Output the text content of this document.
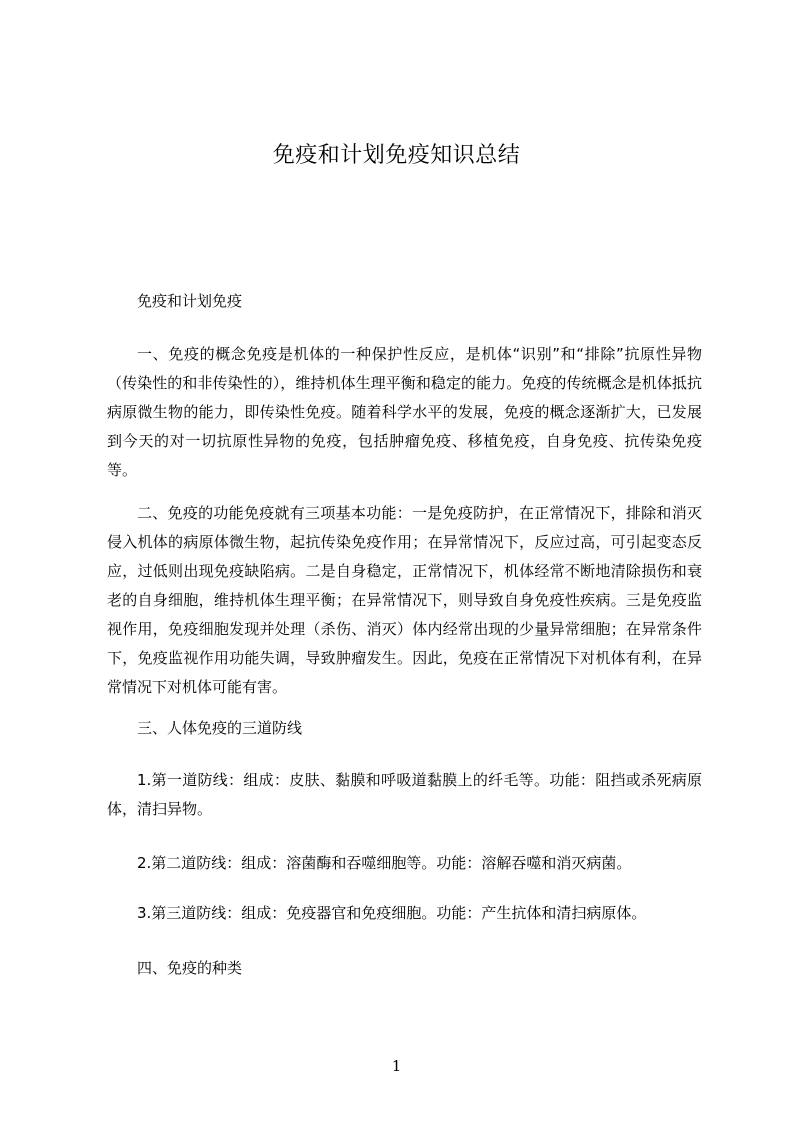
免疫和计划免疫知识总结

免疫和计划免疫

一、免疫的概念免疫是机体的一种保护性反应，是机体“识别”和“排除”抗原性异物（传染性的和非传染性的），维持机体生理平衡和稳定的能力。免疫的传统概念是机体抵抗病原微生物的能力，即传染性免疫。随着科学水平的发展，免疫的概念逐渐扩大，已发展到今天的对一切抗原性异物的免疫，包括肿瘤免疫、移植免疫，自身免疫、抗传染免疫等。

二、免疫的功能免疫就有三项基本功能：一是免疫防护，在正常情况下，排除和消灭侵入机体的病原体微生物，起抗传染免疫作用；在异常情况下，反应过高，可引起变态反应，过低则出现免疫缺陷病。二是自身稳定，正常情况下，机体经常不断地清除损伤和衰老的自身细胞，维持机体生理平衡；在异常情况下，则导致自身免疫性疾病。三是免疫监视作用，免疫细胞发现并处理（杀伤、消灭）体内经常出现的少量异常细胞；在异常条件下，免疫监视作用功能失调，导致肿瘤发生。因此，免疫在正常情况下对机体有利，在异常情况下对机体可能有害。

三、人体免疫的三道防线

1.第一道防线：组成：皮肤、黏膜和呼吸道黏膜上的纤毛等。功能：阻挡或杀死病原体，清扫异物。

2.第二道防线：组成：溶菌酶和吞噬细胞等。功能：溶解吞噬和消灭病菌。

3.第三道防线：组成：免疫器官和免疫细胞。功能：产生抗体和清扫病原体。

四、免疫的种类

1
